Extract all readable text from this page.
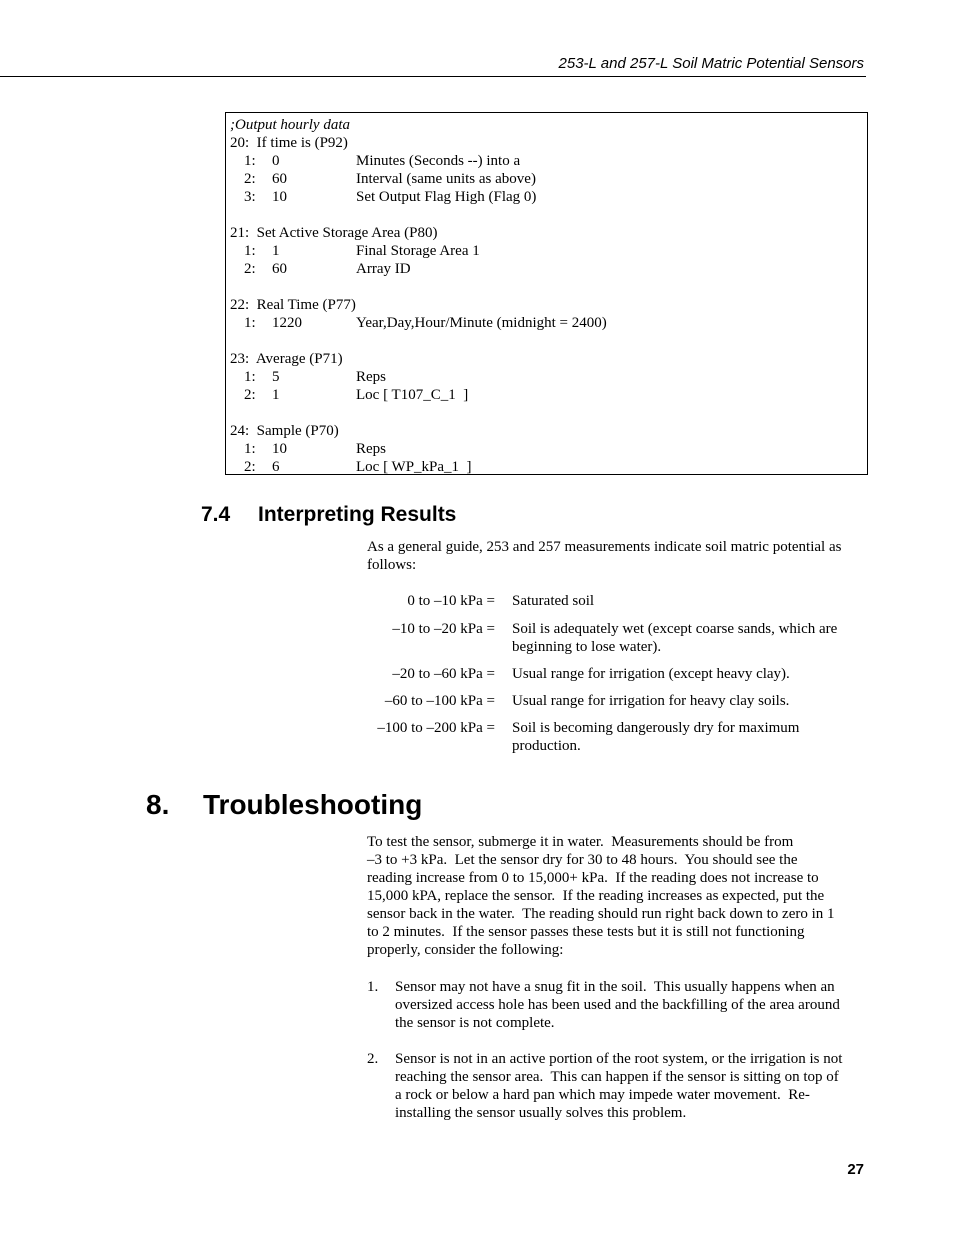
253-L and 257-L Soil Matric Potential Sensors
;Output hourly data
20:  If time is (P92)
1: 0	Minutes (Seconds --) into a
2: 60	Interval (same units as above)
3: 10	Set Output Flag High (Flag 0)
21:  Set Active Storage Area (P80)
1: 1	Final Storage Area 1
2: 60	Array ID
22:  Real Time (P77)
1: 1220	Year,Day,Hour/Minute (midnight = 2400)
23:  Average (P71)
1: 5	Reps
2: 1	Loc [ T107_C_1  ]
24:  Sample (P70)
1: 10	Reps
2: 6	Loc [ WP_kPa_1  ]
7.4 Interpreting Results
As a general guide, 253 and 257 measurements indicate soil matric potential as follows:
0 to –10 kPa = Saturated soil
–10 to –20 kPa = Soil is adequately wet (except coarse sands, which are beginning to lose water).
–20 to –60 kPa = Usual range for irrigation (except heavy clay).
–60 to –100 kPa = Usual range for irrigation for heavy clay soils.
–100 to –200 kPa = Soil is becoming dangerously dry for maximum production.
8. Troubleshooting
To test the sensor, submerge it in water.  Measurements should be from
–3 to +3 kPa.  Let the sensor dry for 30 to 48 hours.  You should see the
reading increase from 0 to 15,000+ kPa.  If the reading does not increase to
15,000 kPA, replace the sensor.  If the reading increases as expected, put the
sensor back in the water.  The reading should run right back down to zero in 1
to 2 minutes.  If the sensor passes these tests but it is still not functioning
properly, consider the following:
1. Sensor may not have a snug fit in the soil.  This usually happens when an
oversized access hole has been used and the backfilling of the area around
the sensor is not complete.
2. Sensor is not in an active portion of the root system, or the irrigation is not
reaching the sensor area.  This can happen if the sensor is sitting on top of
a rock or below a hard pan which may impede water movement.  Re-
installing the sensor usually solves this problem.
27
